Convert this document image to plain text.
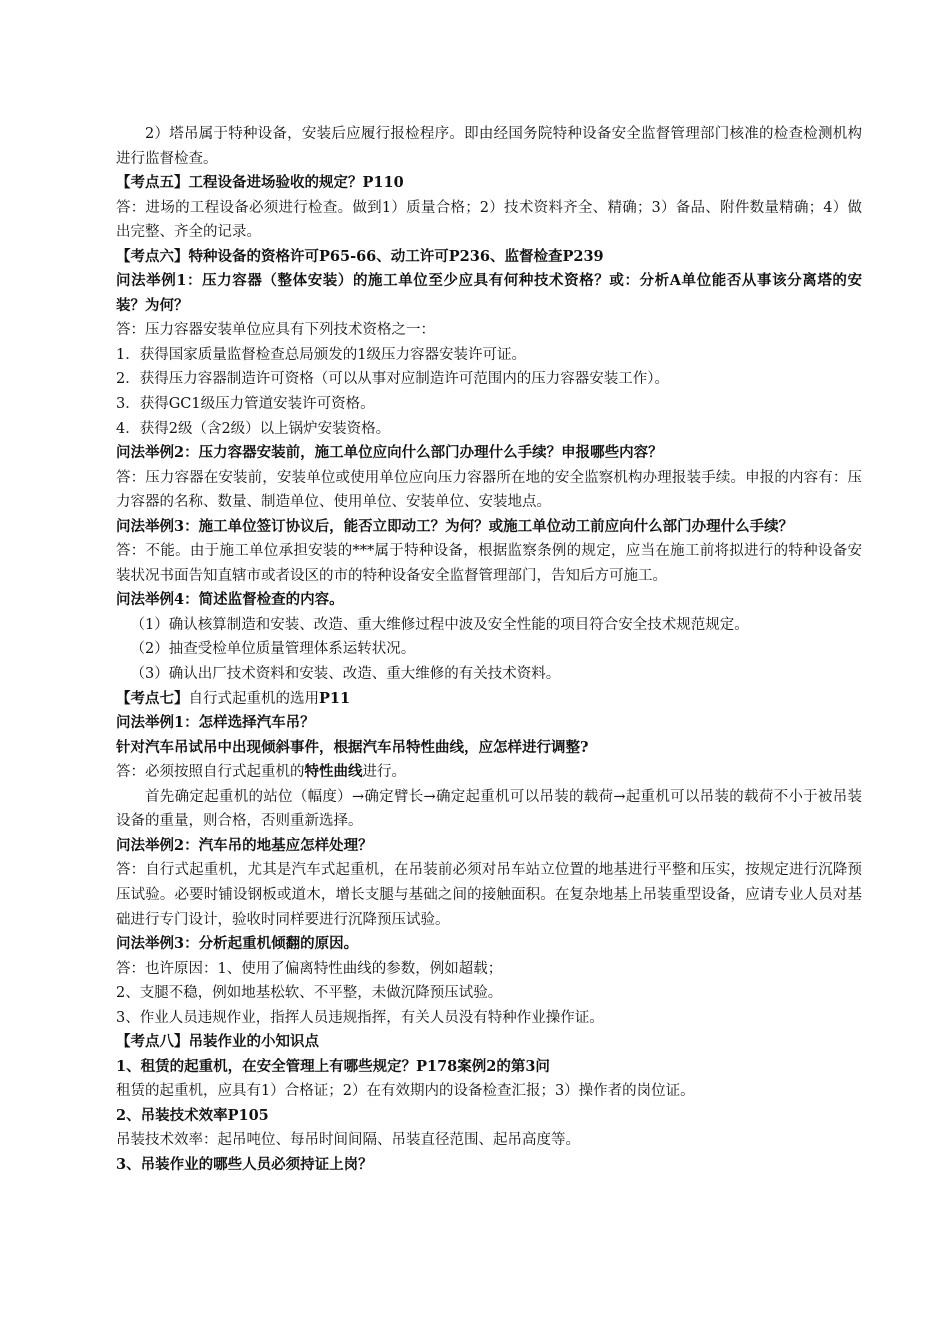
2）塔吊属于特种设备，安装后应履行报检程序。即由经国务院特种设备安全监督管理部门核准的检查检测机构进行监督检查。

【考点五】工程设备进场验收的规定？P110

答：进场的工程设备必须进行检查。做到1）质量合格；2）技术资料齐全、精确；3）备品、附件数量精确；4）做出完整、齐全的记录。

【考点六】特种设备的资格许可P65-66、动工许可P236、监督检查P239

问法举例1：压力容器（整体安装）的施工单位至少应具有何种技术资格？或：分析A单位能否从事该分离塔的安装？为何？

答：压力容器安装单位应具有下列技术资格之一：

1．获得国家质量监督检查总局颁发的1级压力容器安装许可证。

2．获得压力容器制造许可资格（可以从事对应制造许可范围内的压力容器安装工作）。

3．获得GC1级压力管道安装许可资格。

4．获得2级（含2级）以上锅炉安装资格。

问法举例2：压力容器安装前，施工单位应向什么部门办理什么手续？申报哪些内容？

答：压力容器在安装前，安装单位或使用单位应向压力容器所在地的安全监察机构办理报装手续。申报的内容有：压力容器的名称、数量、制造单位、使用单位、安装单位、安装地点。

问法举例3：施工单位签订协议后，能否立即动工？为何？或施工单位动工前应向什么部门办理什么手续？

答：不能。由于施工单位承担安装的***属于特种设备，根据监察条例的规定，应当在施工前将拟进行的特种设备安装状况书面告知直辖市或者设区的市的特种设备安全监督管理部门，告知后方可施工。

问法举例4：简述监督检查的内容。

（1）确认核算制造和安装、改造、重大维修过程中波及安全性能的项目符合安全技术规范规定。

（2）抽查受检单位质量管理体系运转状况。

（3）确认出厂技术资料和安装、改造、重大维修的有关技术资料。

【考点七】自行式起重机的选用P11

问法举例1：怎样选择汽车吊？

针对汽车吊试吊中出现倾斜事件，根据汽车吊特性曲线，应怎样进行调整?

答：必须按照自行式起重机的特性曲线进行。

首先确定起重机的站位（幅度）→确定臂长→确定起重机可以吊装的载荷→起重机可以吊装的载荷不小于被吊装设备的重量，则合格，否则重新选择。

问法举例2：汽车吊的地基应怎样处理？

答：自行式起重机，尤其是汽车式起重机，在吊装前必须对吊车站立位置的地基进行平整和压实，按规定进行沉降预压试验。必要时铺设钢板或道木，增长支腿与基础之间的接触面积。在复杂地基上吊装重型设备，应请专业人员对基础进行专门设计，验收时同样要进行沉降预压试验。

问法举例3：分析起重机倾翻的原因。

答：也许原因：1、使用了偏离特性曲线的参数，例如超载；

2、支腿不稳，例如地基松软、不平整，未做沉降预压试验。

3、作业人员违规作业，指挥人员违规指挥，有关人员没有特种作业操作证。

【考点八】吊装作业的小知识点

1、租赁的起重机，在安全管理上有哪些规定？P178案例2的第3问

租赁的起重机，应具有1）合格证；2）在有效期内的设备检查汇报；3）操作者的岗位证。

2、吊装技术效率P105

吊装技术效率：起吊吨位、每吊时间间隔、吊装直径范围、起吊高度等。

3、吊装作业的哪些人员必须持证上岗？
